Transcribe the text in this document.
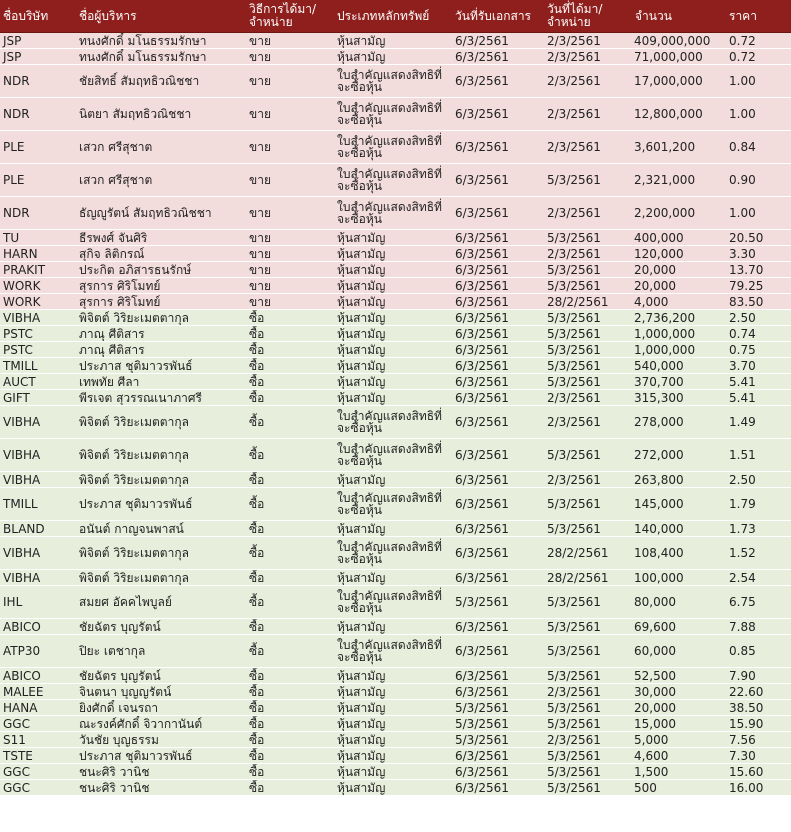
ชื่อบริษัท	ชื่อผู้บริหาร	วิธีการได้มา/จำหน่าย	ประเภทหลักทรัพย์	วันที่รับเอกสาร	วันที่ได้มา/จำหน่าย	จำนวน	ราคา
JSP	ทนงศักดิ์ มโนธรรมรักษา	ขาย	หุ้นสามัญ	6/3/2561	2/3/2561	409,000,000	0.72
JSP	ทนงศักดิ์ มโนธรรมรักษา	ขาย	หุ้นสามัญ	6/3/2561	2/3/2561	71,000,000	0.72
NDR	ชัยสิทธิ์ สัมฤทธิวณิชชา	ขาย	ใบสำคัญแสดงสิทธิที่จะซื้อหุ้น	6/3/2561	2/3/2561	17,000,000	1.00
NDR	นิตยา สัมฤทธิวณิชชา	ขาย	ใบสำคัญแสดงสิทธิที่จะซื้อหุ้น	6/3/2561	2/3/2561	12,800,000	1.00
PLE	เสวก ศรีสุชาต	ขาย	ใบสำคัญแสดงสิทธิที่จะซื้อหุ้น	6/3/2561	2/3/2561	3,601,200	0.84
PLE	เสวก ศรีสุชาต	ขาย	ใบสำคัญแสดงสิทธิที่จะซื้อหุ้น	6/3/2561	5/3/2561	2,321,000	0.90
NDR	ธัญญูรัตน์ สัมฤทธิวณิชชา	ขาย	ใบสำคัญแสดงสิทธิที่จะซื้อหุ้น	6/3/2561	2/3/2561	2,200,000	1.00
TU	ธีรพงศ์ จันศิริ	ขาย	หุ้นสามัญ	6/3/2561	5/3/2561	400,000	20.50
HARN	สุกิจ ลิติกรณ์	ขาย	หุ้นสามัญ	6/3/2561	2/3/2561	120,000	3.30
PRAKIT	ประกิต อภิสารธนรักษ์	ขาย	หุ้นสามัญ	6/3/2561	5/3/2561	20,000	13.70
WORK	สุรการ ศิริโมทย์	ขาย	หุ้นสามัญ	6/3/2561	5/3/2561	20,000	79.25
WORK	สุรการ ศิริโมทย์	ขาย	หุ้นสามัญ	6/3/2561	28/2/2561	4,000	83.50
VIBHA	พิจิตต์ วิริยะเมตตากุล	ซื้อ	หุ้นสามัญ	6/3/2561	5/3/2561	2,736,200	2.50
PSTC	ภาณุ ศีติสาร	ซื้อ	หุ้นสามัญ	6/3/2561	5/3/2561	1,000,000	0.74
PSTC	ภาณุ ศีติสาร	ซื้อ	หุ้นสามัญ	6/3/2561	5/3/2561	1,000,000	0.75
TMILL	ประภาส ชุติมาวรพันธ์	ซื้อ	หุ้นสามัญ	6/3/2561	5/3/2561	540,000	3.70
AUCT	เทพทัย ศีลา	ซื้อ	หุ้นสามัญ	6/3/2561	5/3/2561	370,700	5.41
GIFT	พีรเจต สุวรรณเนาภาศรี	ซื้อ	หุ้นสามัญ	6/3/2561	2/3/2561	315,300	5.41
VIBHA	พิจิตต์ วิริยะเมตตากุล	ซื้อ	ใบสำคัญแสดงสิทธิที่จะซื้อหุ้น	6/3/2561	2/3/2561	278,000	1.49
VIBHA	พิจิตต์ วิริยะเมตตากุล	ซื้อ	ใบสำคัญแสดงสิทธิที่จะซื้อหุ้น	6/3/2561	5/3/2561	272,000	1.51
VIBHA	พิจิตต์ วิริยะเมตตากุล	ซื้อ	หุ้นสามัญ	6/3/2561	2/3/2561	263,800	2.50
TMILL	ประภาส ชุติมาวรพันธ์	ซื้อ	ใบสำคัญแสดงสิทธิที่จะซื้อหุ้น	6/3/2561	5/3/2561	145,000	1.79
BLAND	อนันต์ กาญจนพาสน์	ซื้อ	หุ้นสามัญ	6/3/2561	5/3/2561	140,000	1.73
VIBHA	พิจิตต์ วิริยะเมตตากุล	ซื้อ	ใบสำคัญแสดงสิทธิที่จะซื้อหุ้น	6/3/2561	28/2/2561	108,400	1.52
VIBHA	พิจิตต์ วิริยะเมตตากุล	ซื้อ	หุ้นสามัญ	6/3/2561	28/2/2561	100,000	2.54
IHL	สมยศ อัคคไพบูลย์	ซื้อ	ใบสำคัญแสดงสิทธิที่จะซื้อหุ้น	5/3/2561	5/3/2561	80,000	6.75
ABICO	ชัยฉัตร บุญรัตน์	ซื้อ	หุ้นสามัญ	6/3/2561	5/3/2561	69,600	7.88
ATP30	ปิยะ เตชากุล	ซื้อ	ใบสำคัญแสดงสิทธิที่จะซื้อหุ้น	6/3/2561	5/3/2561	60,000	0.85
ABICO	ชัยฉัตร บุญรัตน์	ซื้อ	หุ้นสามัญ	6/3/2561	5/3/2561	52,500	7.90
MALEE	จินตนา บุญญรัตน์	ซื้อ	หุ้นสามัญ	6/3/2561	2/3/2561	30,000	22.60
HANA	ยิงศักดิ์ เจนรถา	ซื้อ	หุ้นสามัญ	5/3/2561	5/3/2561	20,000	38.50
GGC	ณะรงค์ศักดิ์ จิวากานันต์	ซื้อ	หุ้นสามัญ	5/3/2561	5/3/2561	15,000	15.90
S11	วันชัย บุญธรรม	ซื้อ	หุ้นสามัญ	5/3/2561	2/3/2561	5,000	7.56
TSTE	ประภาส ชุติมาวรพันธ์	ซื้อ	หุ้นสามัญ	6/3/2561	5/3/2561	4,600	7.30
GGC	ชนะศิริ วานิช	ซื้อ	หุ้นสามัญ	6/3/2561	5/3/2561	1,500	15.60
GGC	ชนะศิริ วานิช	ซื้อ	หุ้นสามัญ	6/3/2561	5/3/2561	500	16.00
